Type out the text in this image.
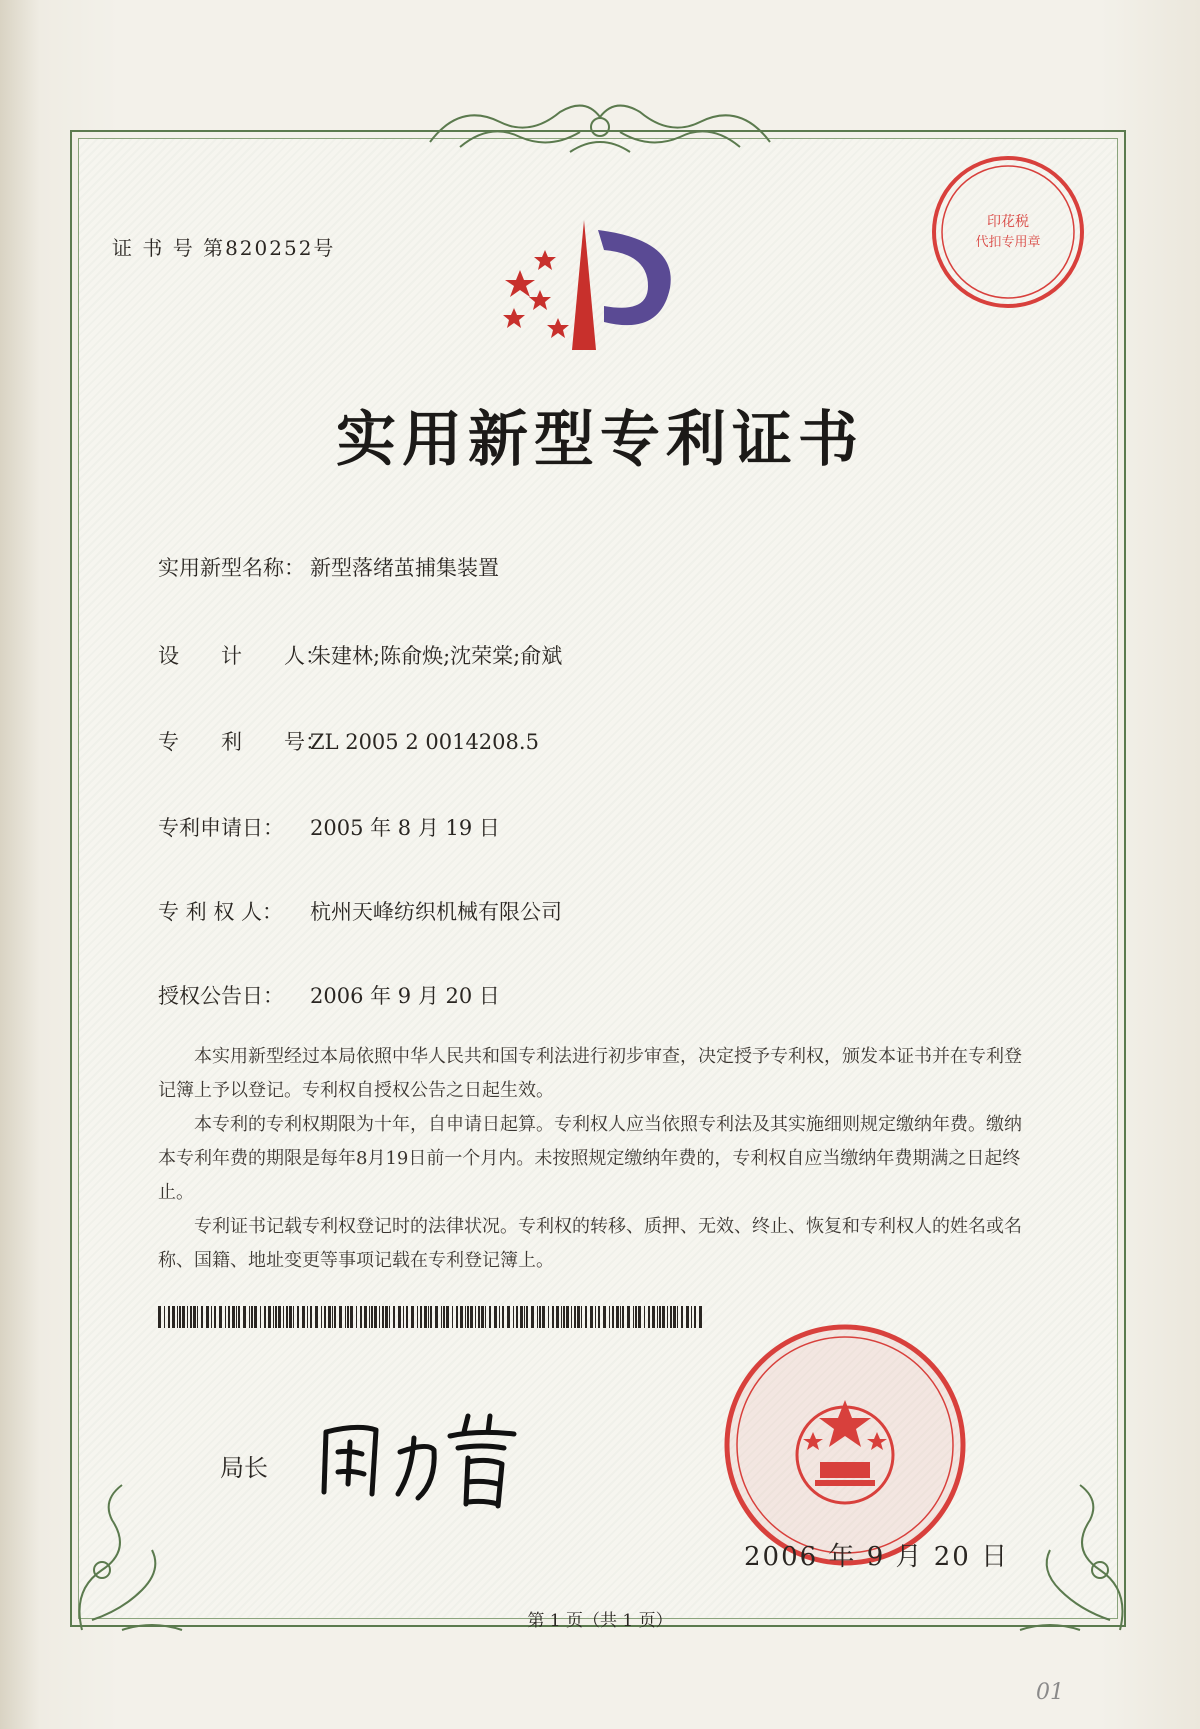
证 书 号 第820252号
印花税
代扣专用章
实用新型专利证书
实用新型名称： 新型落绪茧捕集装置
设　　计　　人：朱建林;陈俞焕;沈荣棠;俞斌
专　　利　　号：ZL 2005 2 0014208.5
专利申请日： 2005 年 8 月 19 日
专 利 权 人： 杭州天峰纺织机械有限公司
授权公告日： 2006 年 9 月 20 日

本实用新型经过本局依照中华人民共和国专利法进行初步审查，决定授予专利权，颁发本证书并在专利登记簿上予以登记。专利权自授权公告之日起生效。

本专利的专利权期限为十年，自申请日起算。专利权人应当依照专利法及其实施细则规定缴纳年费。缴纳本专利年费的期限是每年8月19日前一个月内。未按照规定缴纳年费的，专利权自应当缴纳年费期满之日起终止。

专利证书记载专利权登记时的法律状况。专利权的转移、质押、无效、终止、恢复和专利权人的姓名或名称、国籍、地址变更等事项记载在专利登记簿上。

局长
2006 年 9 月 20 日
第 1 页（共 1 页）
01
